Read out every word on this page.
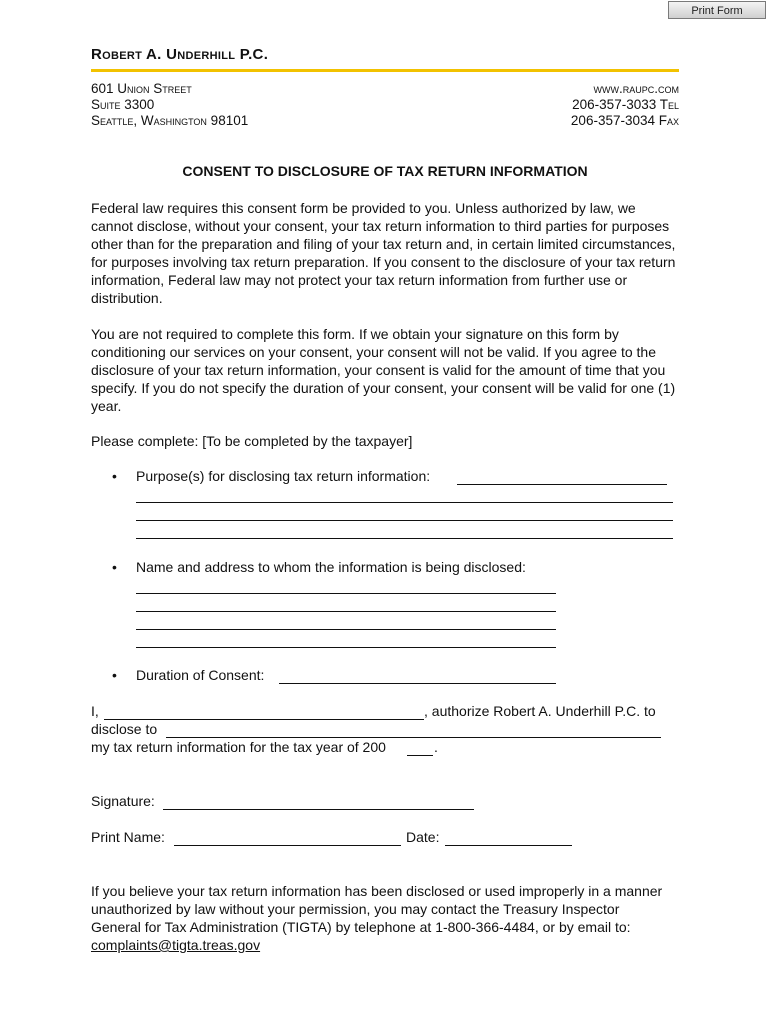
Print Form
Robert A. Underhill P.C.
601 Union Street
Suite 3300
Seattle, Washington 98101
www.raupc.com
206-357-3033 Tel
206-357-3034 Fax
CONSENT TO DISCLOSURE OF TAX RETURN INFORMATION
Federal law requires this consent form be provided to you. Unless authorized by law, we cannot disclose, without your consent, your tax return information to third parties for purposes other than for the preparation and filing of your tax return and, in certain limited circumstances, for purposes involving tax return preparation. If you consent to the disclosure of your tax return information, Federal law may not protect your tax return information from further use or distribution.
You are not required to complete this form. If we obtain your signature on this form by conditioning our services on your consent, your consent will not be valid. If you agree to the disclosure of your tax return information, your consent is valid for the amount of time that you specify. If you do not specify the duration of your consent, your consent will be valid for one (1) year.
Please complete: [To be completed by the taxpayer]
• Purpose(s) for disclosing tax return information:
• Name and address to whom the information is being disclosed:
• Duration of Consent:
I,	, authorize Robert A. Underhill P.C. to
disclose to
my tax return information for the tax year of 200	.
Signature:
Print Name:	Date:
If you believe your tax return information has been disclosed or used improperly in a manner unauthorized by law without your permission, you may contact the Treasury Inspector General for Tax Administration (TIGTA) by telephone at 1-800-366-4484, or by email to: complaints@tigta.treas.gov
